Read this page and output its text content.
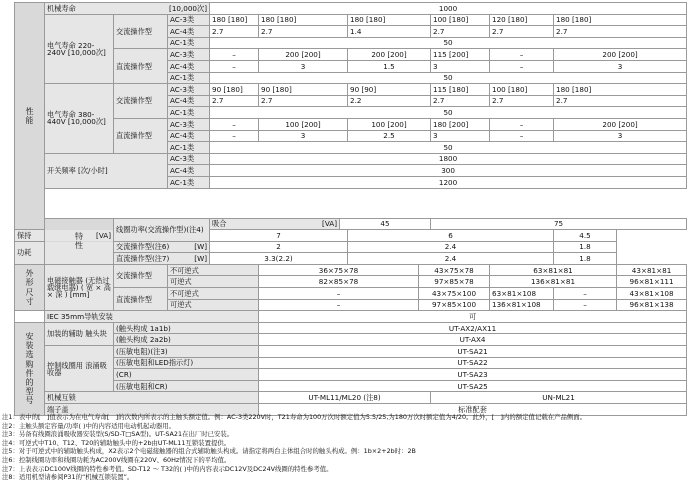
性能	机械寿命 [10,000次]			1000									
	电气寿命 220-240V [10,000次]	交流操作型	AC-3类	180 [180]	180 [180]		180 [180]		100 [180]	120 [180]	180 [180]		
			AC-4类	2.7	2.7		1.4		2.7	2.7	2.7		
			AC-1类	50									
		直流操作型	AC-3类	–	200 [200]		200 [200]		115 [200]	–	200 [200]		
			AC-4类	–	3		1.5		3	–	3		
			AC-1类	50									
	电气寿命 380-440V [10,000次]	交流操作型	AC-3类	90 [180]	90 [180]		90 [90]		115 [180]	100 [180]	180 [180]		
			AC-4类	2.7	2.7		2.2		2.7	2.7	2.7		
			AC-1类	50									
		直流操作型	AC-3类	–	100 [200]		100 [200]		180 [200]	–	200 [200]		
			AC-4类	–	3		2.5		3	–	3		
			AC-1类	50									
	开关频率 [次/小时]		AC-3类	1800									
			AC-4类	300									
			AC-1类	1200									

	特性	线圈功率(交流操作型)(注4)		吸合 [VA]		45			75	
保持 [VA]				7			6				4.5		
功耗		交流操作型(注6) [W]		2			2.4				1.8		
		直流操作型(注7) [W]		3.3(2.2)			2.4				1.8		
外形尺寸	电磁接触器 (无热过载继电器) ( 宽 × 高 × 深 ) [mm]	交流操作型	不可逆式		36×75×78			43×75×78		63×81×81		43×81×81	
			可逆式		82×85×78			97×85×78		136×81×81		96×81×111	
		直流操作型	不可逆式		–			43×75×100		63×81×108	–	43×81×108	
			可逆式		–			97×85×100		136×81×108	–	96×81×138	
	IEC 35mm导轨安装				可								
安装选购件的型号	加装的辅助 触头块	(触头构成 1a1b)			UT-AX2/AX11								
		(触头构成 2a2b)			UT-AX4								
	控制线圈用 浪涌吸收器	(压敏电阻)(注3)			UT-SA21								
		(压敏电阻和LED指示灯)			UT-SA22								
		(CR)			UT-SA23								
		(压敏电阻和CR)			UT-SA25								
	机械互锁				UT-ML11/ML20 (注8)				UN-ML21				
	端子盖				标准配套								
注1：表中的[　]值表示为在电气寿命[　]的次数内所表示的主触头额定值。例：AC-3类220V时，T21寿命为100万次时额定值为5.5/25,为180万次时额定值为4/20。此外，[　]内的额定值记载在产品侧面。
注2：主触头额定容量/功率( )中的内容适用电动机起动器用。
注3：另备有线圈浪涌吸收器安装型(S/SD-T□SA型)。UT-SA21在出厂时已安装。
注4：可逆式中T10、T12、T20的辅助触头中的+2b由UT-ML11互锁装置提供。
注5：对于可逆式中的辅助触头构成，X2表示2个电磁接触器的组合式辅助触头构成。请指定将两台主体组合时的触头构成。例：1b×2+2b时：2B
注6：控制线圈功率和线圈功耗为AC200V线圈在220V、60Hz情况下的平均值。
注7：上表表示DC100V线圈的特性参考值。SD-T12 ～ T32的( )中的内容表示DC12V及DC24V线圈的特性参考值。
注8：适用机型请参阅P31的“机械互锁装置”。
